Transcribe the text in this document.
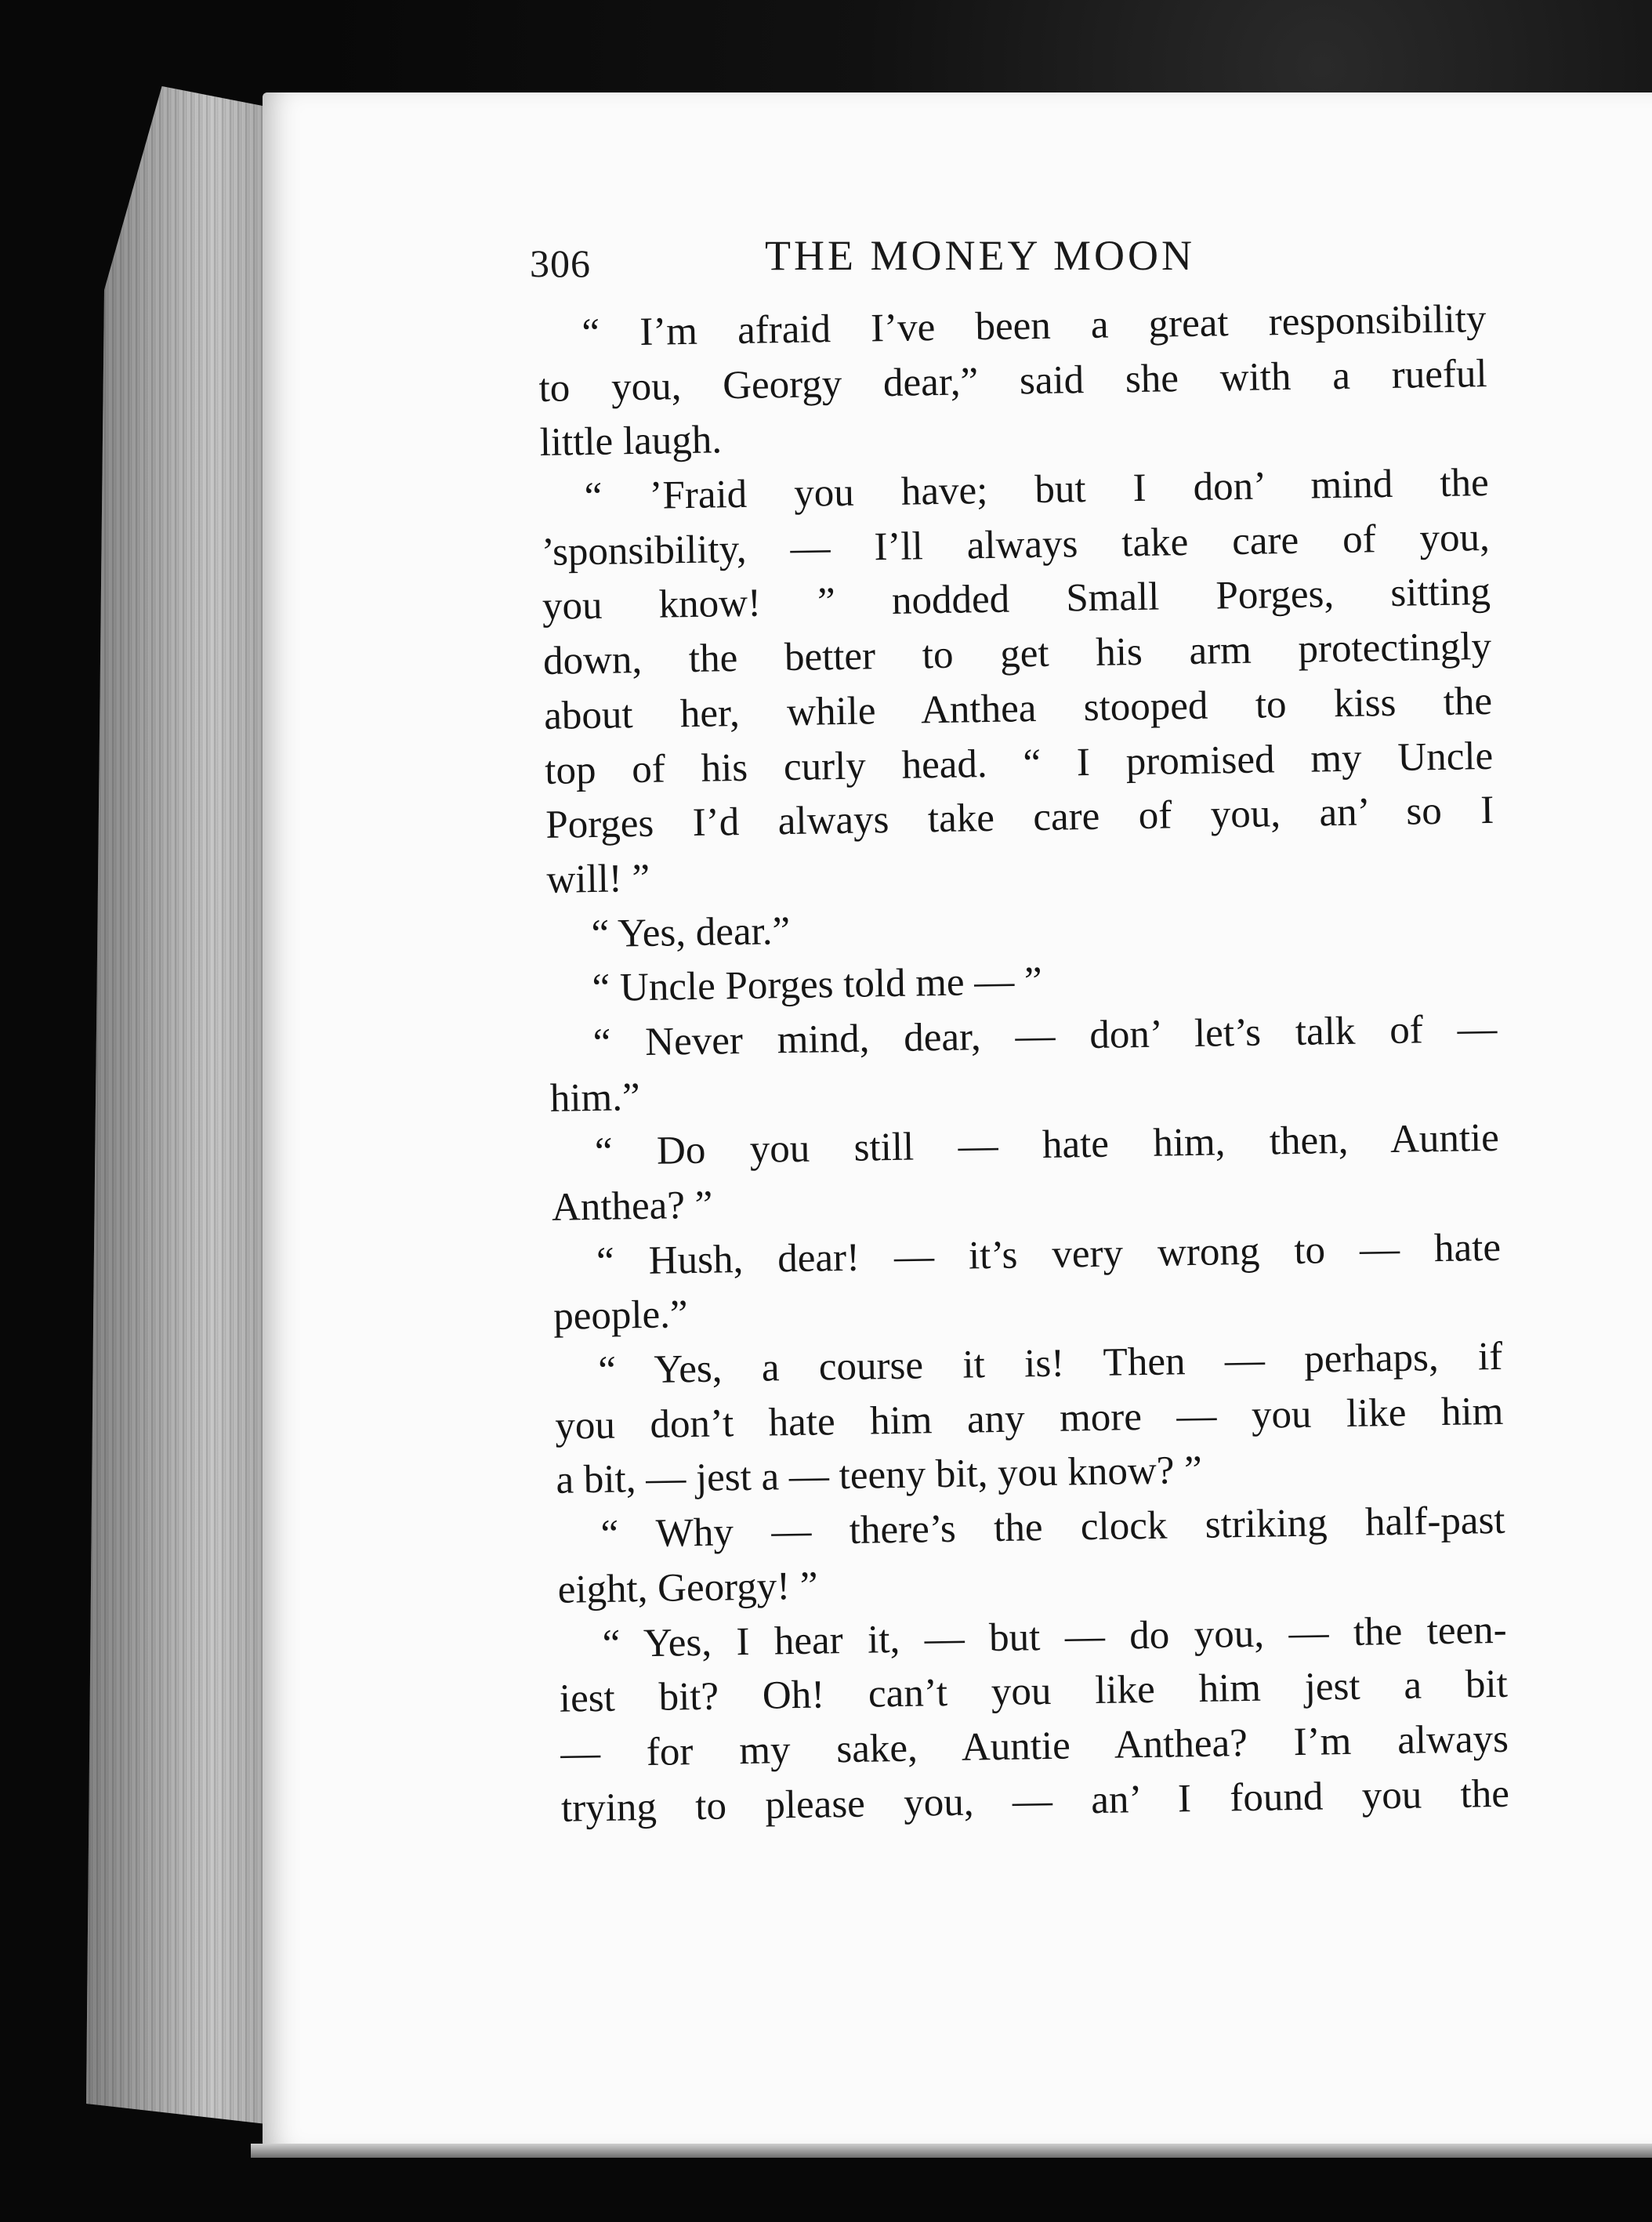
306	THE MONEY MOON
“ I’m afraid I’ve been a great responsibility
to you, Georgy dear,” said she with a rueful
little laugh.
“ ’Fraid you have; but I don’ mind the
’sponsibility, — I’ll always take care of you,
you know! ” nodded Small Porges, sitting
down, the better to get his arm protectingly
about her, while Anthea stooped to kiss the
top of his curly head. “ I promised my Uncle
Porges I’d always take care of you, an’ so I
will! ”
“ Yes, dear.”
“ Uncle Porges told me — ”
“ Never mind, dear, — don’ let’s talk of —
him.”
“ Do you still — hate him, then, Auntie
Anthea? ”
“ Hush, dear! — it’s very wrong to — hate
people.”
“ Yes, a course it is! Then — perhaps, if
you don’t hate him any more — you like him
a bit, — jest a — teeny bit, you know? ”
“ Why — there’s the clock striking half-past
eight, Georgy! ”
“ Yes, I hear it, — but — do you, — the teen-
iest bit? Oh! can’t you like him jest a bit
— for my sake, Auntie Anthea? I’m always
trying to please you, — an’ I found you the
